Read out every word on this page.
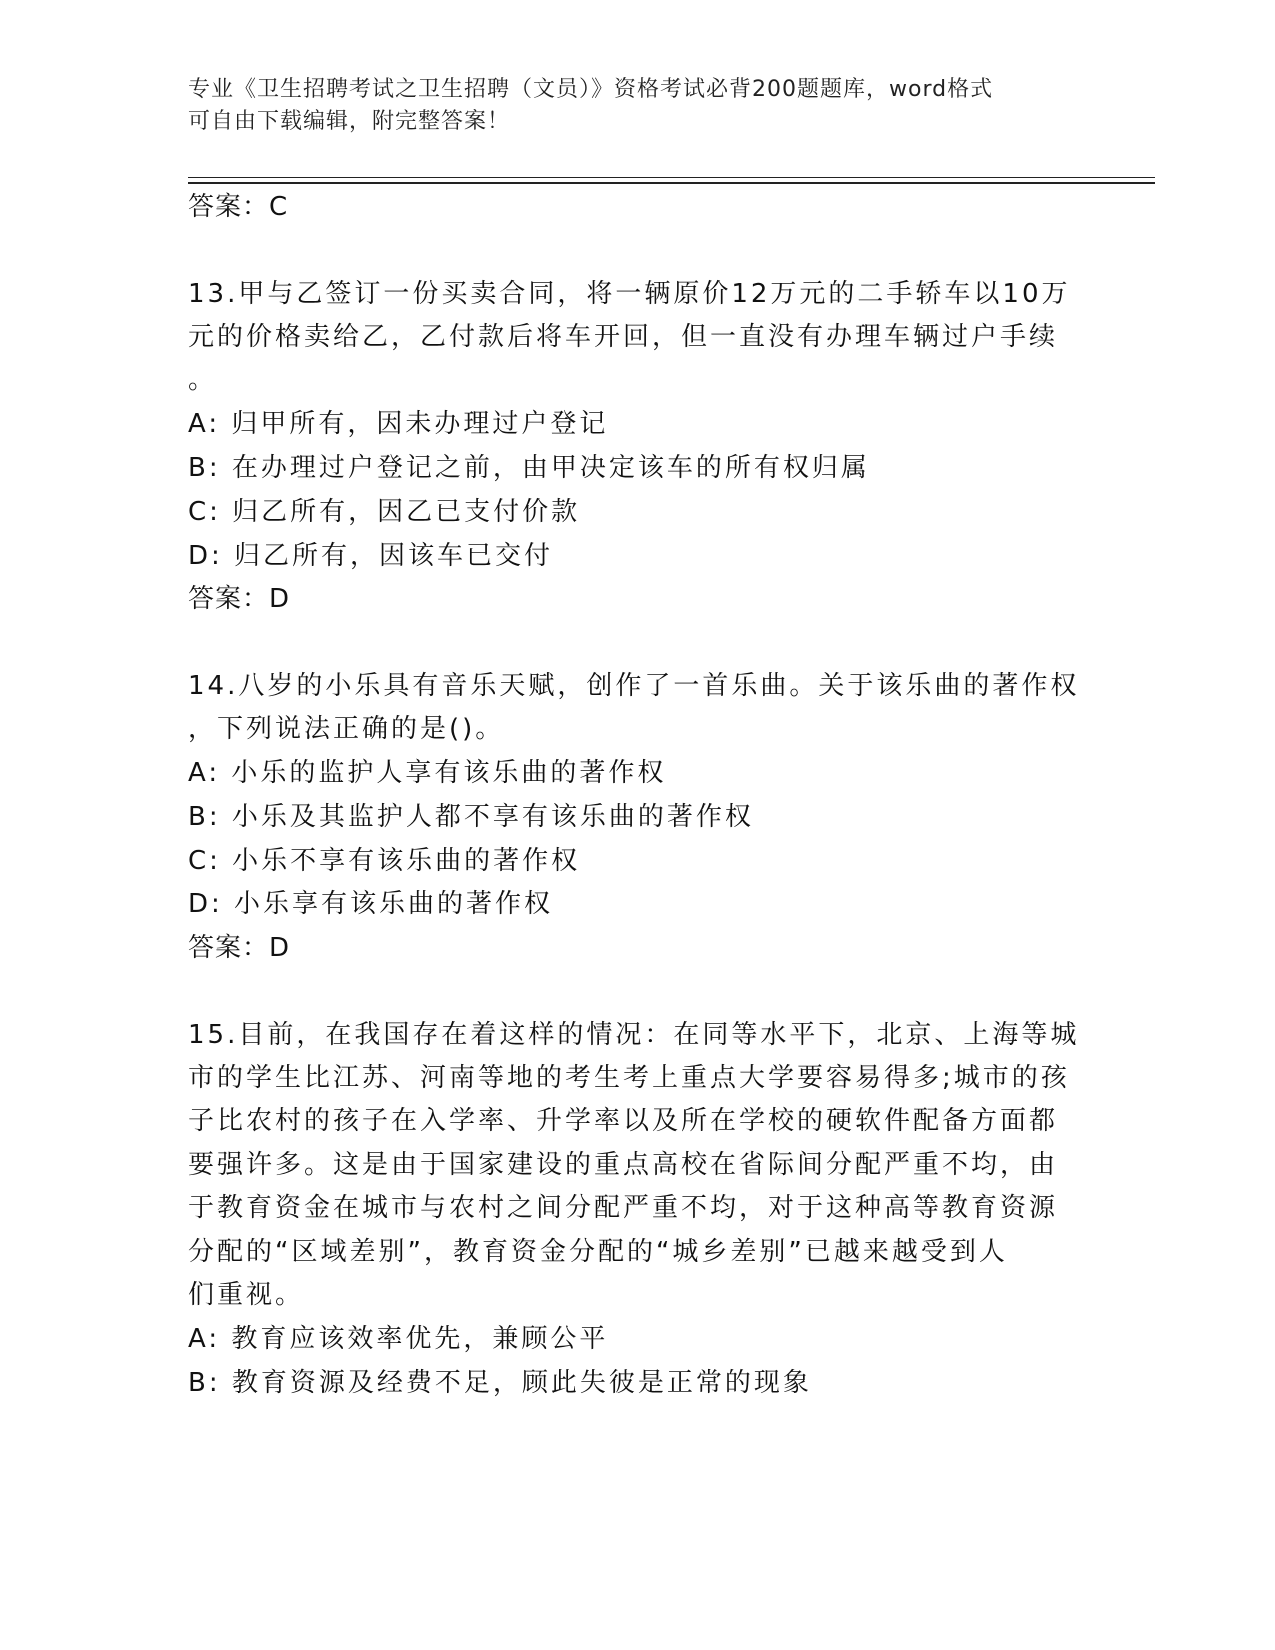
专业《卫生招聘考试之卫生招聘（文员）》资格考试必背200题题库，word格式
可自由下载编辑，附完整答案！
答案：C
13.甲与乙签订一份买卖合同，将一辆原价12万元的二手轿车以10万
元的价格卖给乙，乙付款后将车开回，但一直没有办理车辆过户手续
。
A: 归甲所有，因未办理过户登记
B: 在办理过户登记之前，由甲决定该车的所有权归属
C: 归乙所有，因乙已支付价款
D: 归乙所有，因该车已交付
答案：D
14.八岁的小乐具有音乐天赋，创作了一首乐曲。关于该乐曲的著作权
，下列说法正确的是()。
A: 小乐的监护人享有该乐曲的著作权
B: 小乐及其监护人都不享有该乐曲的著作权
C: 小乐不享有该乐曲的著作权
D: 小乐享有该乐曲的著作权
答案：D
15.目前，在我国存在着这样的情况：在同等水平下，北京、上海等城
市的学生比江苏、河南等地的考生考上重点大学要容易得多;城市的孩
子比农村的孩子在入学率、升学率以及所在学校的硬软件配备方面都
要强许多。这是由于国家建设的重点高校在省际间分配严重不均，由
于教育资金在城市与农村之间分配严重不均，对于这种高等教育资源
分配的“区域差别”，教育资金分配的“城乡差别”已越来越受到人
们重视。
A: 教育应该效率优先，兼顾公平
B: 教育资源及经费不足，顾此失彼是正常的现象
